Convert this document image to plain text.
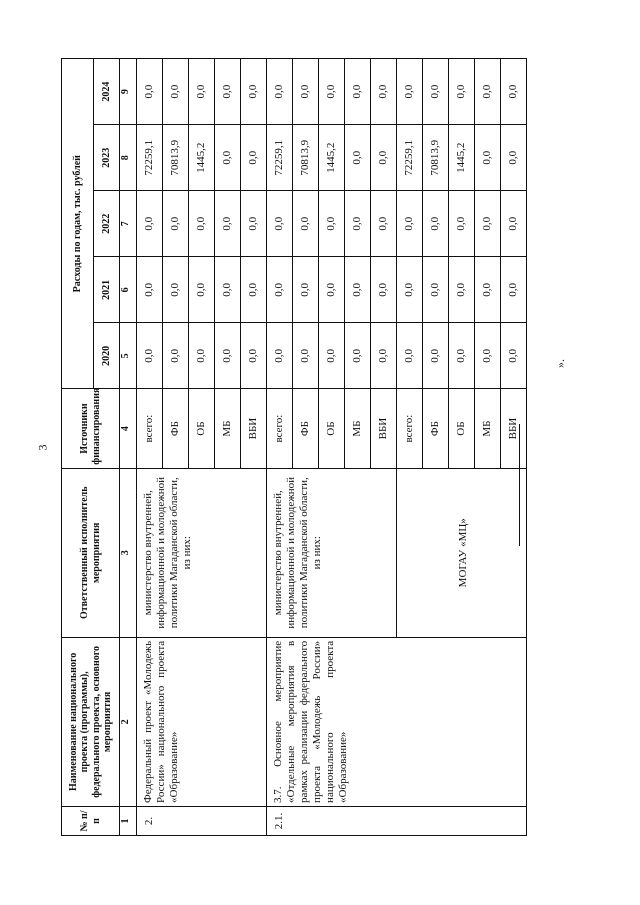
3
№ п/п	Наименование национального проекта (программы), федерального проекта, основного мероприятия	Ответственный исполнитель мероприятия	Источники финансирования	Расходы по годам, тыс. рублей				
				2020	2021	2022	2023	2024
1	2	3	4	5	6	7	8	9
2.	Федеральный проект «Молодежь России» национального проекта «Образование»	министерство внутренней, информационной и молодежной политики Магаданской области, из них:	всего:	0,0	0,0	0,0	72259,1	0,0
			ФБ	0,0	0,0	0,0	70813,9	0,0
			ОБ	0,0	0,0	0,0	1445,2	0,0
			МБ	0,0	0,0	0,0	0,0	0,0
			ВБИ	0,0	0,0	0,0	0,0	0,0
2.1.	3.7. Основное мероприятие «Отдельные мероприятия в рамках реализации федерального проекта «Молодежь России» национального проекта «Образование»	министерство внутренней, информационной и молодежной политики Магаданской области, из них:	всего:	0,0	0,0	0,0	72259,1	0,0
			ФБ	0,0	0,0	0,0	70813,9	0,0
			ОБ	0,0	0,0	0,0	1445,2	0,0
			МБ	0,0	0,0	0,0	0,0	0,0
			ВБИ	0,0	0,0	0,0	0,0	0,0
		МОГАУ «МЦ»	всего:	0,0	0,0	0,0	72259,1	0,0
			ФБ	0,0	0,0	0,0	70813,9	0,0
			ОБ	0,0	0,0	0,0	1445,2	0,0
			МБ	0,0	0,0	0,0	0,0	0,0
			ВБИ	0,0	0,0	0,0	0,0	0,0
».
